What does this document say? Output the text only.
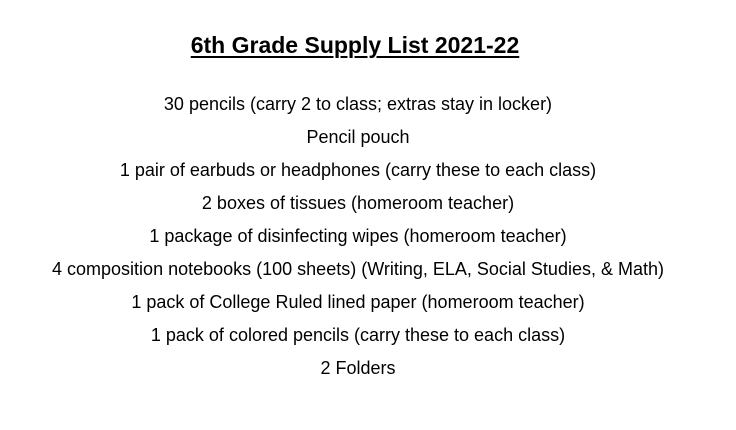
6th Grade Supply List 2021-22
30 pencils (carry 2 to class; extras stay in locker)
Pencil pouch
1 pair of earbuds or headphones (carry these to each class)
2 boxes of tissues (homeroom teacher)
1 package of disinfecting wipes (homeroom teacher)
4 composition notebooks (100 sheets) (Writing, ELA, Social Studies, & Math)
1 pack of College Ruled lined paper (homeroom teacher)
1 pack of colored pencils (carry these to each class)
2 Folders
